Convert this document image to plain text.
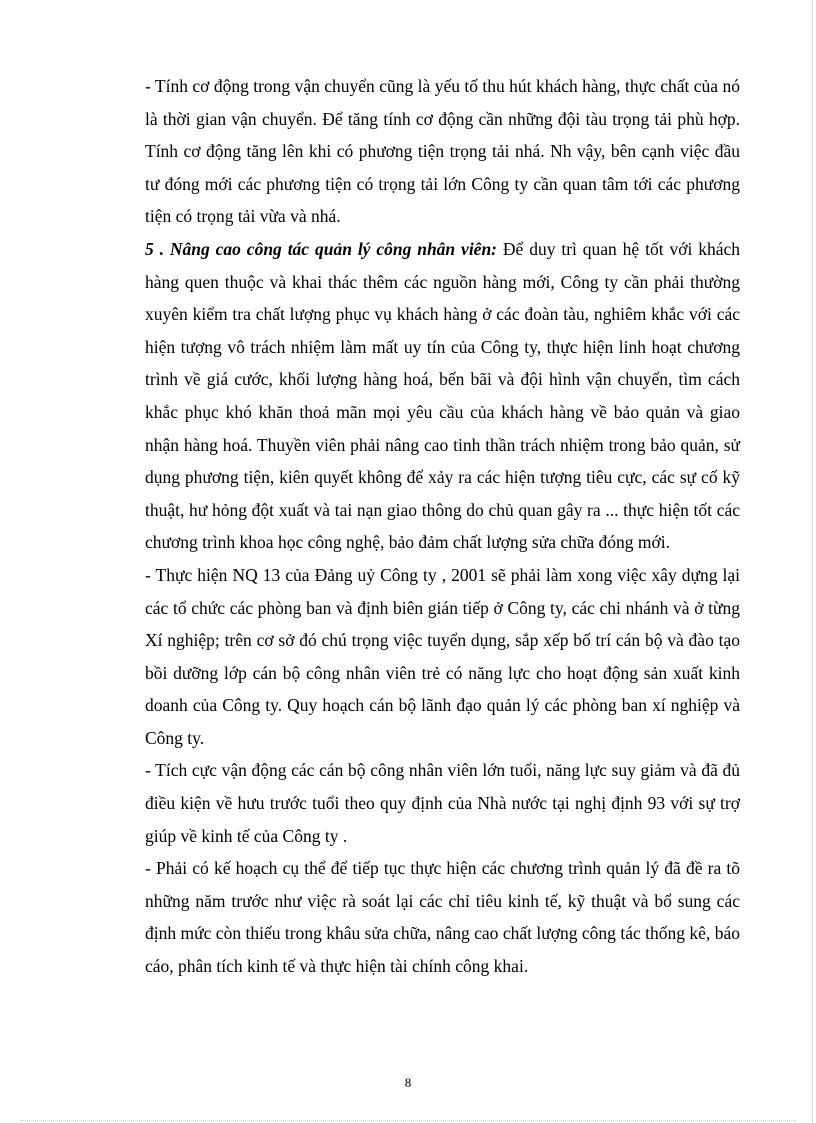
- Tính cơ động trong vận chuyển cũng là yếu tố thu hút khách hàng, thực chất của nó là thời gian vận chuyển. Để tăng tính cơ động cần những đội tàu trọng tải phù hợp. Tính cơ động tăng lên khi có phương tiện trọng tải nhá. Nh vậy, bên cạnh việc đầu tư đóng mới các phương tiện có trọng tải lớn Công ty cần quan tâm tới các phương tiện có trọng tải vừa và nhá.

5 . Nâng cao công tác quản lý công nhân viên: Để duy trì quan hệ tốt với khách hàng quen thuộc và khai thác thêm các nguồn hàng mới, Công ty cần phải thường xuyên kiểm tra chất lượng phục vụ khách hàng ở các đoàn tàu, nghiêm khắc với các hiện tượng vô trách nhiệm làm mất uy tín của Công ty, thực hiện linh hoạt chương trình về giá cước, khối lượng hàng hoá, bến bãi và đội hình vận chuyển, tìm cách khắc phục khó khăn thoả mãn mọi yêu cầu của khách hàng về bảo quản và giao nhận hàng hoá. Thuyền viên phải nâng cao tinh thần trách nhiệm trong bảo quản, sử dụng phương tiện, kiên quyết không để xảy ra các hiện tượng tiêu cực, các sự cố kỹ thuật, hư hỏng đột xuất và tai nạn giao thông do chủ quan gây ra ... thực hiện tốt các chương trình khoa học công nghệ, bảo đảm chất lượng sửa chữa đóng mới.

- Thực hiện NQ 13 của Đảng uỷ Công ty , 2001 sẽ phải làm xong việc xây dựng lại các tổ chức các phòng ban và định biên gián tiếp ở Công ty, các chi nhánh và ở từng Xí nghiệp; trên cơ sở đó chú trọng việc tuyển dụng, sắp xếp bố trí cán bộ và đào tạo bồi dưỡng lớp cán bộ công nhân viên trẻ có năng lực cho hoạt động sản xuất kinh doanh của Công ty. Quy hoạch cán bộ lãnh đạo quản lý các phòng ban xí nghiệp và Công ty.

- Tích cực vận động các cán bộ công nhân viên lớn tuổi, năng lực suy giảm và đã đủ điều kiện về hưu trước tuổi theo quy định của Nhà nước tại nghị định 93 với sự trợ giúp về kinh tế của Công ty .

- Phải có kế hoạch cụ thể để tiếp tục thực hiện các chương trình quản lý đã đề ra tõ những năm trước như việc rà soát lại các chỉ tiêu kinh tế, kỹ thuật và bổ sung các định mức còn thiếu trong khâu sửa chữa, nâng cao chất lượng công tác thống kê, báo cáo, phân tích kinh tế và thực hiện tài chính công khai.

8
